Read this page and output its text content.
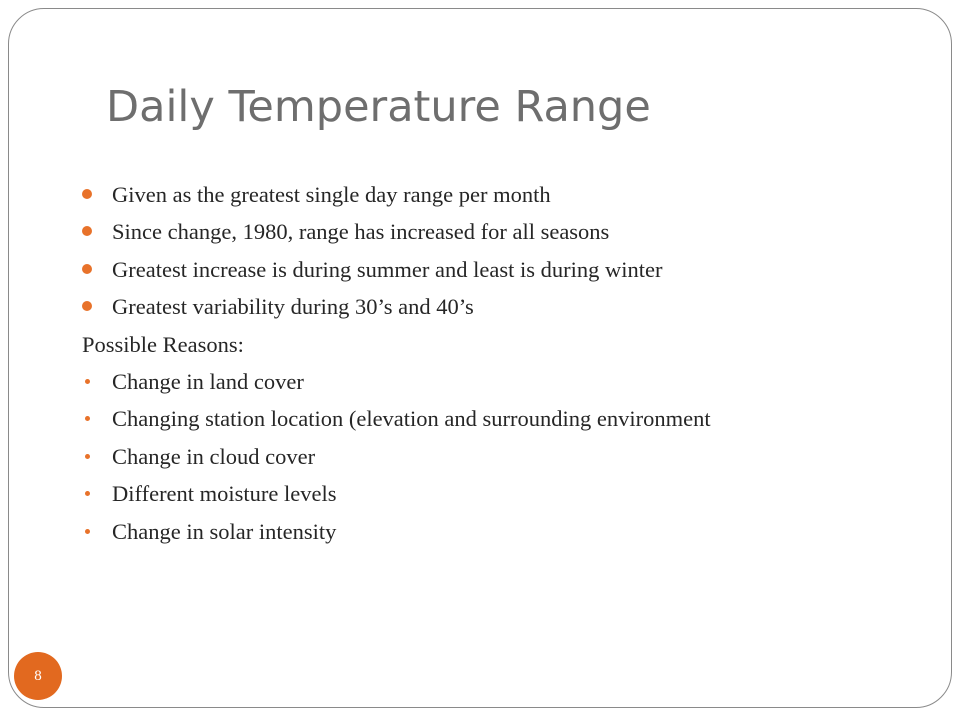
Daily Temperature Range
Given as the greatest single day range per month
Since change, 1980, range has increased for all seasons
Greatest increase is during summer and least is during winter
Greatest variability during 30’s and 40’s
Possible Reasons:
Change in land cover
Changing station location (elevation and surrounding environment
Change in cloud cover
Different moisture levels
Change in solar intensity
8
